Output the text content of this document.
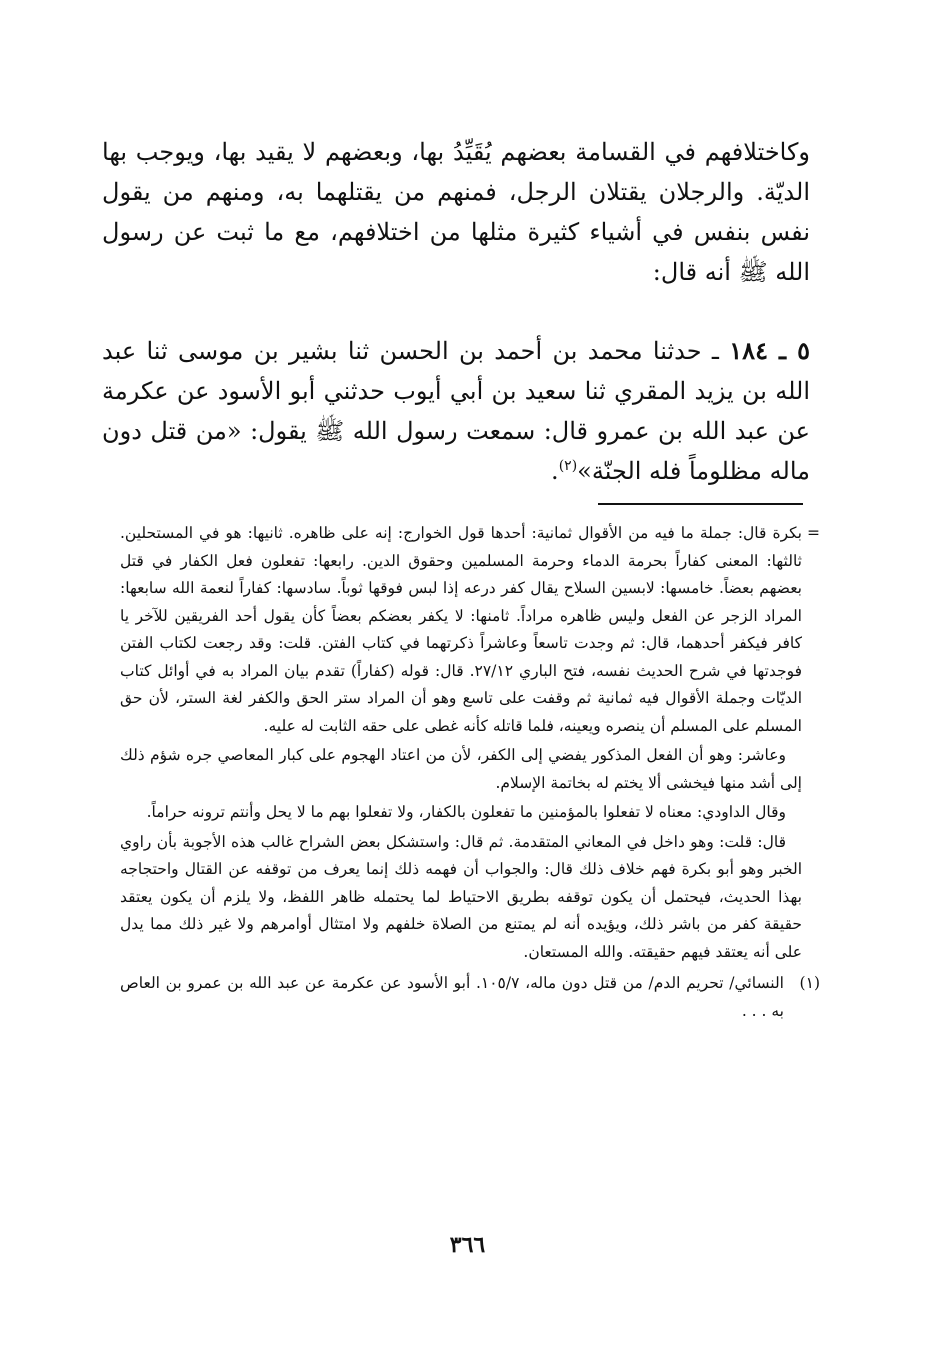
وكاختلافهم في القسامة بعضهم يُقَيِّدُ بها، وبعضهم لا يقيد بها، ويوجب بها الديّة. والرجلان يقتلان الرجل، فمنهم من يقتلهما به، ومنهم من يقول نفس بنفس في أشياء كثيرة مثلها من اختلافهم، مع ما ثبت عن رسول الله ﷺ أنه قال:

٥ ـ ١٨٤ ـ حدثنا محمد بن أحمد بن الحسن ثنا بشير بن موسى ثنا عبد الله بن يزيد المقري ثنا سعيد بن أبي أيوب حدثني أبو الأسود عن عكرمة عن عبد الله بن عمرو قال: سمعت رسول الله ﷺ يقول: «من قتل دون ماله مظلوماً فله الجنّة»$^{(٢)}$.

=
بكرة قال: جملة ما فيه من الأقوال ثمانية: أحدها قول الخوارج: إنه على ظاهره. ثانيها: هو في المستحلين. ثالثها: المعنى كفاراً بحرمة الدماء وحرمة المسلمين وحقوق الدين. رابعها: تفعلون فعل الكفار في قتل بعضهم بعضاً. خامسها: لابسين السلاح يقال كفر درعه إذا لبس فوقها ثوباً. سادسها: كفاراً لنعمة الله سابعها: المراد الزجر عن الفعل وليس ظاهره مراداً. ثامنها: لا يكفر بعضكم بعضاً كأن يقول أحد الفريقين للآخر يا كافر فيكفر أحدهما، قال: ثم وجدت تاسعاً وعاشراً ذكرتهما في كتاب الفتن. قلت: وقد رجعت لكتاب الفتن فوجدتها في شرح الحديث نفسه، فتح الباري ٢٧/١٢. قال: قوله (كفاراً) تقدم بيان المراد به في أوائل كتاب الديّات وجملة الأقوال فيه ثمانية ثم وقفت على تاسع وهو أن المراد ستر الحق والكفر لغة الستر، لأن حق المسلم على المسلم أن ينصره ويعينه، فلما قاتله كأنه غطى على حقه الثابت له عليه.

وعاشر: وهو أن الفعل المذكور يفضي إلى الكفر، لأن من اعتاد الهجوم على كبار المعاصي جره شؤم ذلك إلى أشد منها فيخشى ألا يختم له بخاتمة الإسلام.

وقال الداودي: معناه لا تفعلوا بالمؤمنين ما تفعلون بالكفار، ولا تفعلوا بهم ما لا يحل وأنتم ترونه حراماً.

قال: قلت: وهو داخل في المعاني المتقدمة. ثم قال: واستشكل بعض الشراح غالب هذه الأجوبة بأن راوي الخبر وهو أبو بكرة فهم خلاف ذلك قال: والجواب أن فهمه ذلك إنما يعرف من توقفه عن القتال واحتجاجه بهذا الحديث، فيحتمل أن يكون توقفه بطريق الاحتياط لما يحتمله ظاهر اللفظ، ولا يلزم أن يكون يعتقد حقيقة كفر من باشر ذلك، ويؤيده أنه لم يمتنع من الصلاة خلفهم ولا امتثال أوامرهم ولا غير ذلك مما يدل على أنه يعتقد فيهم حقيقته. والله المستعان.

(١)
النسائي/ تحريم الدم/ من قتل دون ماله، ١٠٥/٧. أبو الأسود عن عكرمة عن عبد الله بن عمرو بن العاص به . . .

٣٦٦
